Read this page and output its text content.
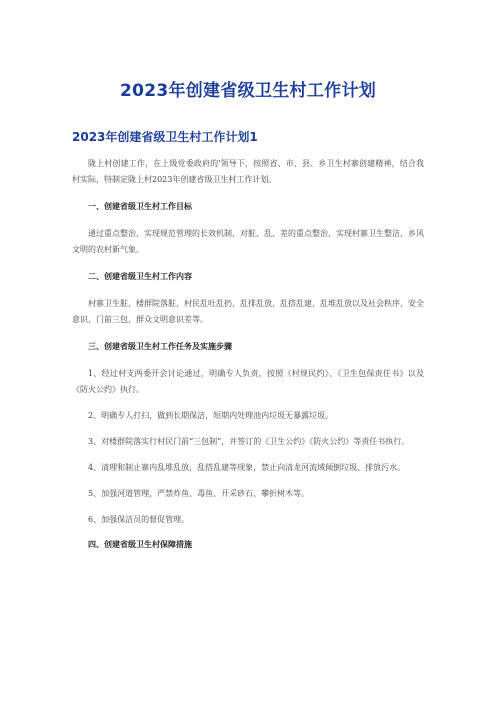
2023年创建省级卫生村工作计划
2023年创建省级卫生村工作计划1

陇上村创建工作，在上级党委政府的'领导下，按照省、市、县、乡卫生村寨创建精神，结合我村实际，特制定陇上村2023年创建省级卫生村工作计划。

一、创建省级卫生村工作目标

通过重点整治，实现规范管理的长效机制，对脏、乱、差的重点整治，实现村寨卫生整洁，乡风文明的农村新气象。

二、创建省级卫生村工作内容

村寨卫生脏、楼群院落脏、村民乱吐乱扔、乱排乱放、乱搭乱建、乱堆乱放以及社会秩序、安全意识、门前三包、群众文明意识差等。

三、创建省级卫生村工作任务及实施步骤

1、经过村支两委开会讨论通过，明确专人负责，按照《村规民约》、《卫生包保责任书》以及《防火公约》执行。

2、明确专人打扫，做到长期保洁，短期内处理池内垃圾无暴露垃圾。

3、对楼群院落实行村民门前“三包制”，并签订的《卫生公约》《防火公约》等责任书执行。

4、清理和制止寨内乱堆乱放，乱搭乱建等现象，禁止向清龙河流域倾倒垃圾、排放污水。

5、加强河道管理，严禁炸鱼、毒鱼、开采砂石、攀折树木等。

6、加强保洁员的督促管理。

四、创建省级卫生村保障措施
